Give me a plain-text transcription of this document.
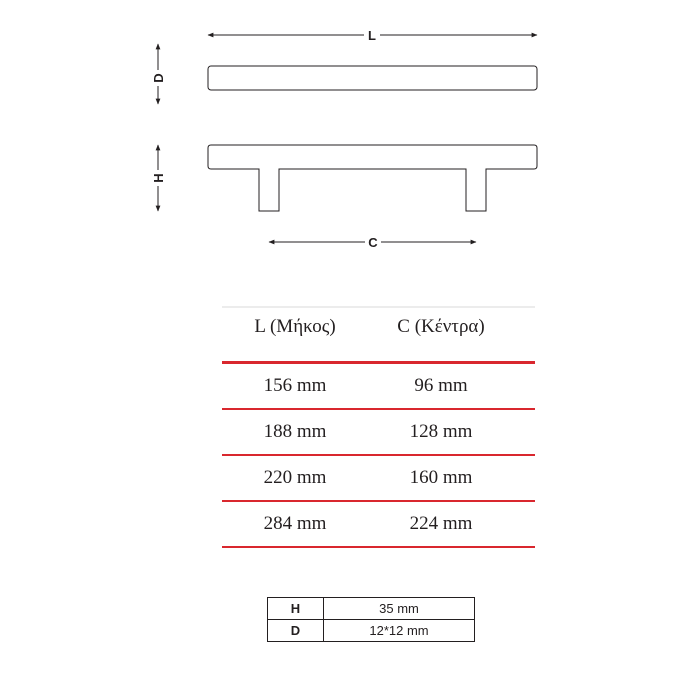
L
D
H
C
L (Μήκος)	C (Κέντρα)
156 mm	96 mm
188 mm	128 mm
220 mm	160 mm
284 mm	224 mm
H	35 mm
D	12*12 mm
